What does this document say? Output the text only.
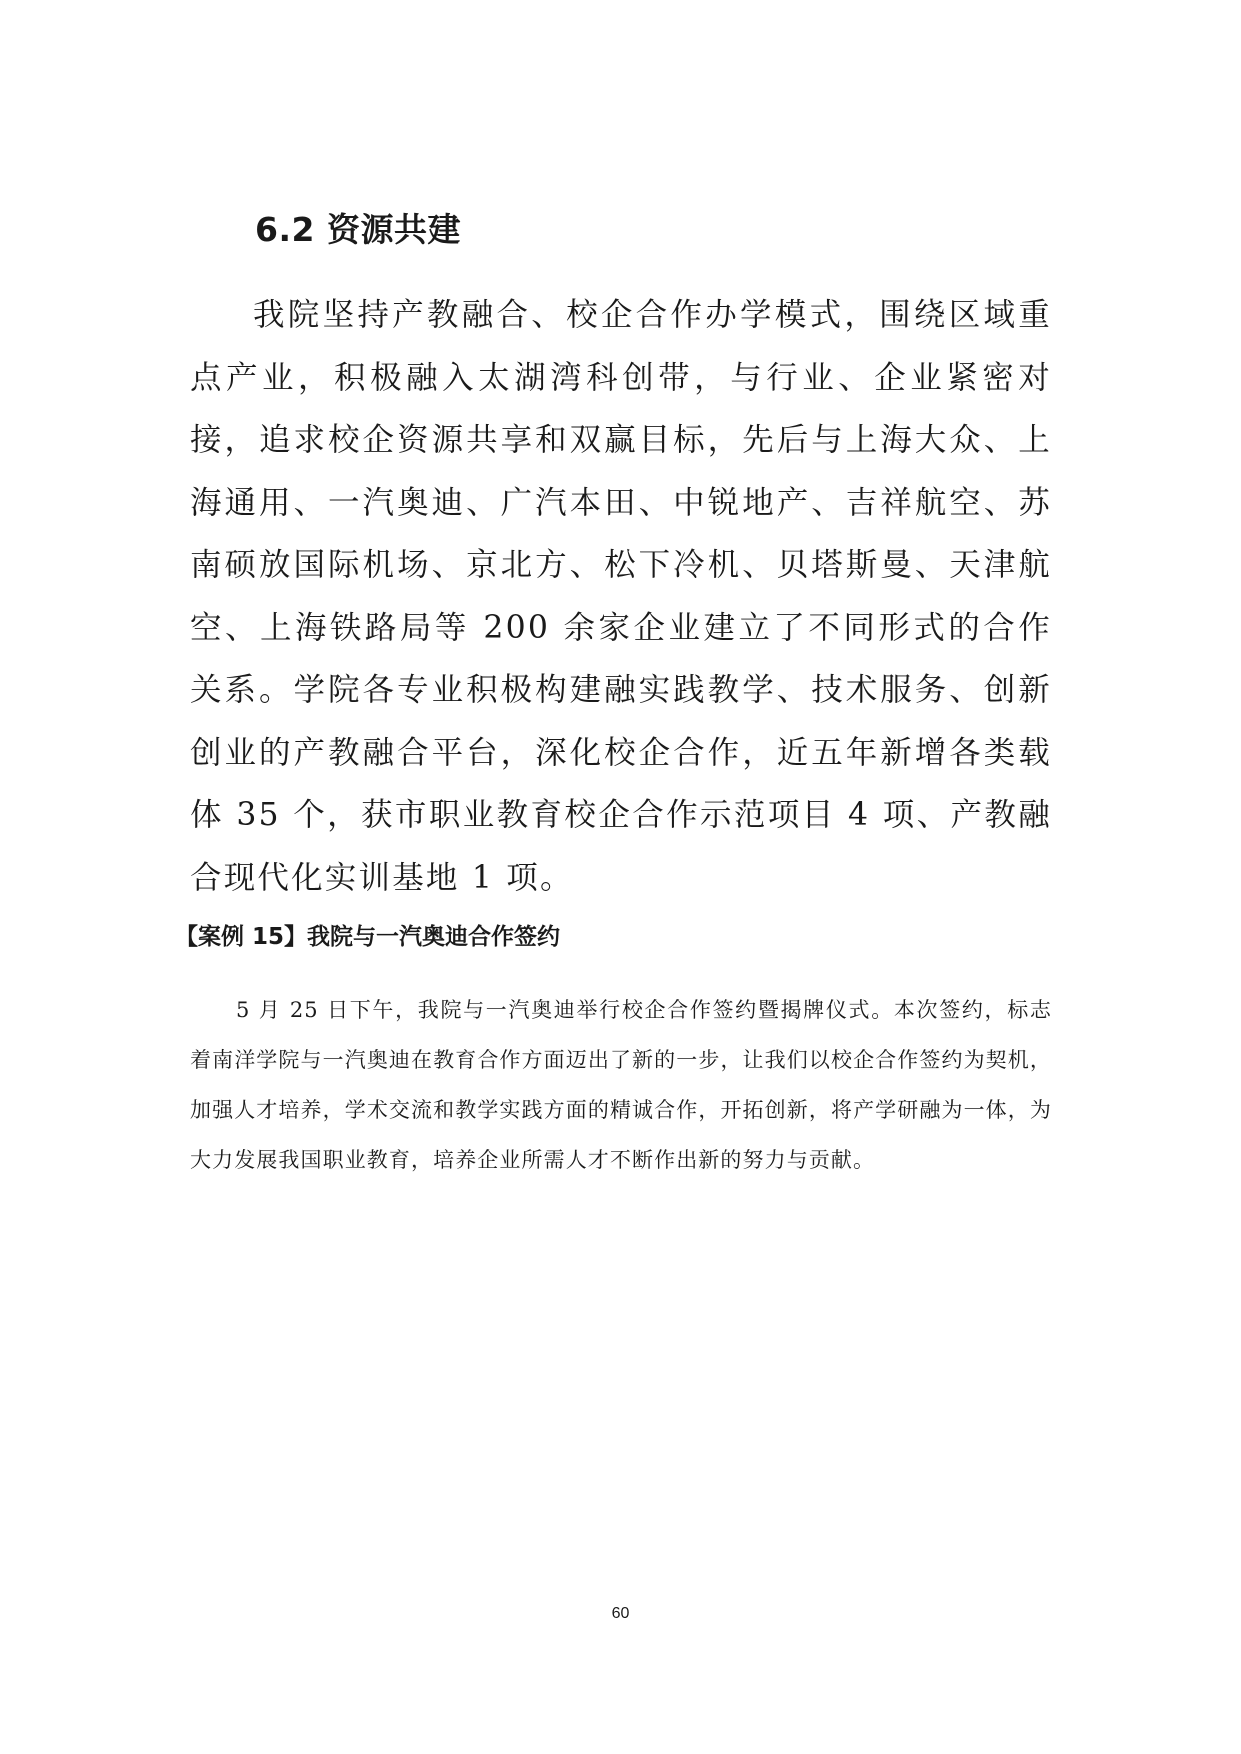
6.2 资源共建

我院坚持产教融合、校企合作办学模式，围绕区域重点产业，积极融入太湖湾科创带，与行业、企业紧密对接，追求校企资源共享和双赢目标，先后与上海大众、上海通用、一汽奥迪、广汽本田、中锐地产、吉祥航空、苏南硕放国际机场、京北方、松下冷机、贝塔斯曼、天津航空、上海铁路局等 200 余家企业建立了不同形式的合作关系。学院各专业积极构建融实践教学、技术服务、创新创业的产教融合平台，深化校企合作，近五年新增各类载体 35 个，获市职业教育校企合作示范项目 4 项、产教融合现代化实训基地 1 项。

【案例 15】我院与一汽奥迪合作签约

5 月 25 日下午，我院与一汽奥迪举行校企合作签约暨揭牌仪式。本次签约，标志着南洋学院与一汽奥迪在教育合作方面迈出了新的一步，让我们以校企合作签约为契机，加强人才培养，学术交流和教学实践方面的精诚合作，开拓创新，将产学研融为一体，为大力发展我国职业教育，培养企业所需人才不断作出新的努力与贡献。

60
